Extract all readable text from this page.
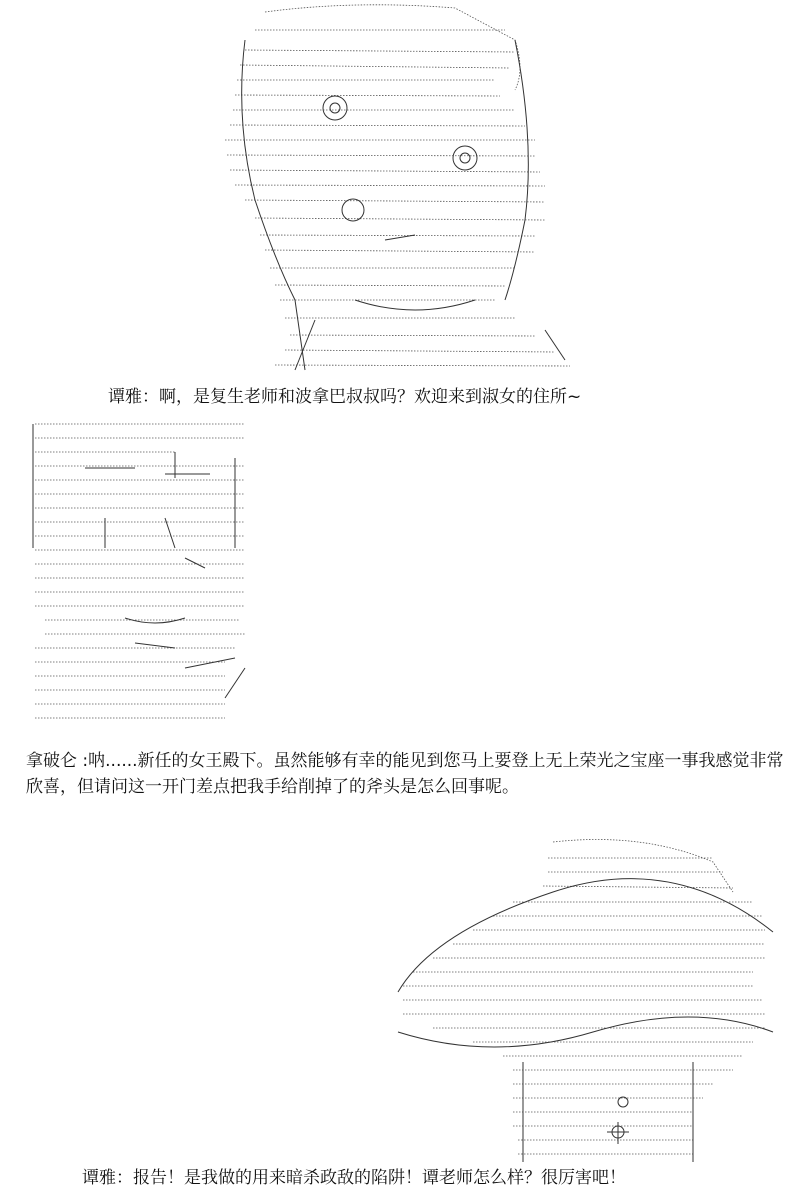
谭雅：啊，是复生老师和波拿巴叔叔吗？欢迎来到淑女的住所~
拿破仑 :呐......新任的女王殿下。虽然能够有幸的能见到您马上要登上无上荣光之宝座一事我感觉非常欣喜，但请问这一开门差点把我手给削掉了的斧头是怎么回事呢。
谭雅：报告！是我做的用来暗杀政敌的陷阱！谭老师怎么样？很厉害吧！
